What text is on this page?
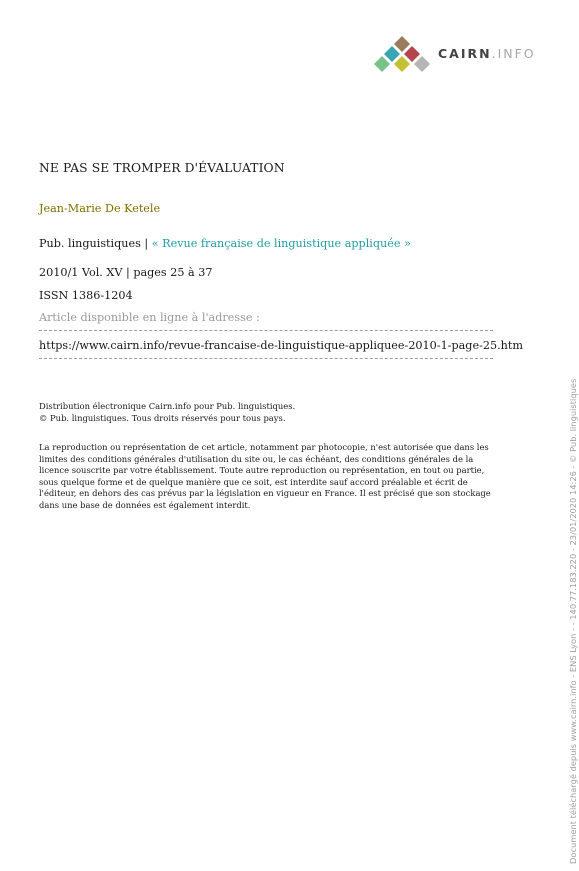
CAIRN.INFO
NE PAS SE TROMPER D'ÉVALUATION
Jean-Marie De Ketele
Pub. linguistiques | « Revue française de linguistique appliquée »
2010/1 Vol. XV | pages 25 à 37
ISSN 1386-1204
Article disponible en ligne à l'adresse :
https://www.cairn.info/revue-francaise-de-linguistique-appliquee-2010-1-page-25.htm

Distribution électronique Cairn.info pour Pub. linguistiques.

© Pub. linguistiques. Tous droits réservés pour tous pays.

La reproduction ou représentation de cet article, notamment par photocopie, n'est autorisée que dans les

limites des conditions générales d'utilisation du site ou, le cas échéant, des conditions générales de la

licence souscrite par votre établissement. Toute autre reproduction ou représentation, en tout ou partie,

sous quelque forme et de quelque manière que ce soit, est interdite sauf accord préalable et écrit de

l'éditeur, en dehors des cas prévus par la législation en vigueur en France. Il est précisé que son stockage

dans une base de données est également interdit.	Document téléchargé depuis www.cairn.info - ENS Lyon - - 140.77.183.220 - 23/01/2020 14:26 - © Pub. linguistiques
